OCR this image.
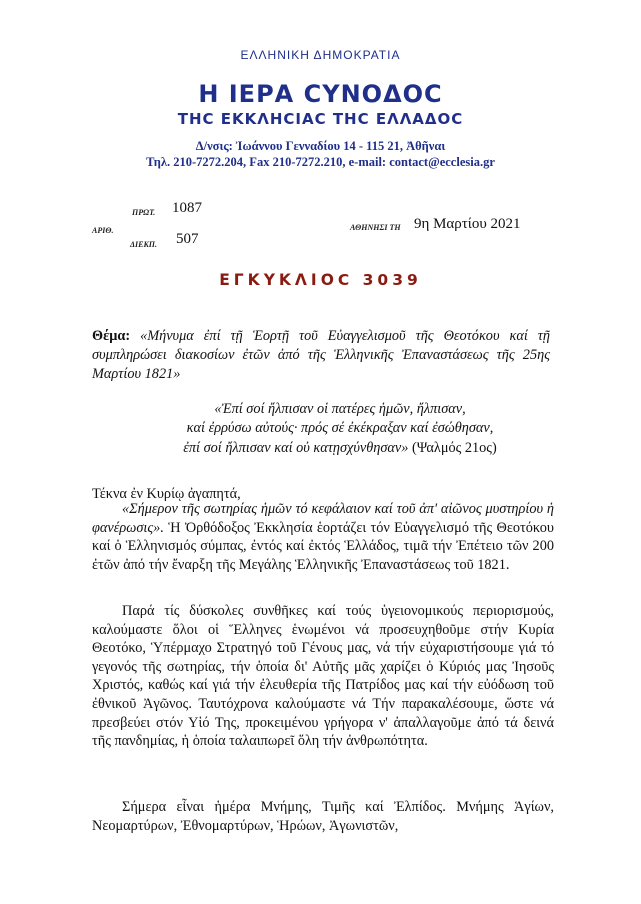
ΕΛΛΗΝΙΚΗ ΔΗΜΟΚΡΑΤΙΑ
Η ΙΕΡΑ CΥΝΟΔΟC
ΤΗC ΕΚΚΛΗCΙΑC ΤΗC ΕΛΛΑΔΟC
Δ/νσις: Ἰωάννου Γενναδίου 14 - 115 21, Ἀθῆναι
Τηλ. 210-7272.204, Fax 210-7272.210, e-mail: contact@ecclesia.gr
ΠΡΩΤ. 1087
ΑΡΙΘ.
ΔΙΕΚΠ. 507
ΑΘΗΝΗΣΙ ΤΗ 9η Μαρτίου 2021
ΕΓΚΥΚΛΙΟC 3039
Θέμα: «Μήνυμα ἐπί τῇ Ἑορτῇ τοῦ Εὐαγγελισμοῦ τῆς Θεοτόκου καί τῇ συμπληρώσει διακοσίων ἐτῶν ἀπό τῆς Ἑλληνικῆς Ἐπαναστάσεως τῆς 25ης Μαρτίου 1821»
«Ἐπί σοί ἤλπισαν οἱ πατέρες ἡμῶν, ἤλπισαν,
καί ἐρρύσω αὐτούς· πρός σέ ἐκέκραξαν καί ἐσώθησαν,
ἐπί σοί ἤλπισαν καί οὐ κατῃσχύνθησαν» (Ψαλμός 21ος)
Τέκνα ἐν Κυρίῳ ἀγαπητά,
«Σήμερον τῆς σωτηρίας ἡμῶν τό κεφάλαιον καί τοῦ ἀπ' αἰῶνος μυστηρίου ἡ φανέρωσις». Ἡ Ὀρθόδοξος Ἐκκλησία ἑορτάζει τόν Εὐαγγελισμό τῆς Θεοτόκου καί ὁ Ἑλληνισμός σύμπας, ἐντός καί ἐκτός Ἑλλάδος, τιμᾶ τήν Ἐπέτειο τῶν 200 ἐτῶν ἀπό τήν ἔναρξη τῆς Μεγάλης Ἑλληνικῆς Ἐπαναστάσεως τοῦ 1821.
Παρά τίς δύσκολες συνθῆκες καί τούς ὑγειονομικούς περιορισμούς, καλούμαστε ὅλοι οἱ Ἕλληνες ἑνωμένοι νά προσευχηθοῦμε στήν Κυρία Θεοτόκο, Ὑπέρμαχο Στρατηγό τοῦ Γένους μας, νά τήν εὐχαριστήσουμε γιά τό γεγονός τῆς σωτηρίας, τήν ὁποία δι' Αὐτῆς μᾶς χαρίζει ὁ Κύριός μας Ἰησοῦς Χριστός, καθώς καί γιά τήν ἐλευθερία τῆς Πατρίδος μας καί τήν εὐόδωση τοῦ ἐθνικοῦ Ἀγῶνος. Ταυτόχρονα καλούμαστε νά Τήν παρακαλέσουμε, ὥστε νά πρεσβεύει στόν Υἱό Της, προκειμένου γρήγορα ν' ἀπαλλαγοῦμε ἀπό τά δεινά τῆς πανδημίας, ἡ ὁποία ταλαιπωρεῖ ὅλη τήν ἀνθρωπότητα.
Σήμερα εἶναι ἡμέρα Μνήμης, Τιμῆς καί Ἐλπίδος. Μνήμης Ἁγίων, Νεομαρτύρων, Ἐθνομαρτύρων, Ἡρώων, Ἀγωνιστῶν,
